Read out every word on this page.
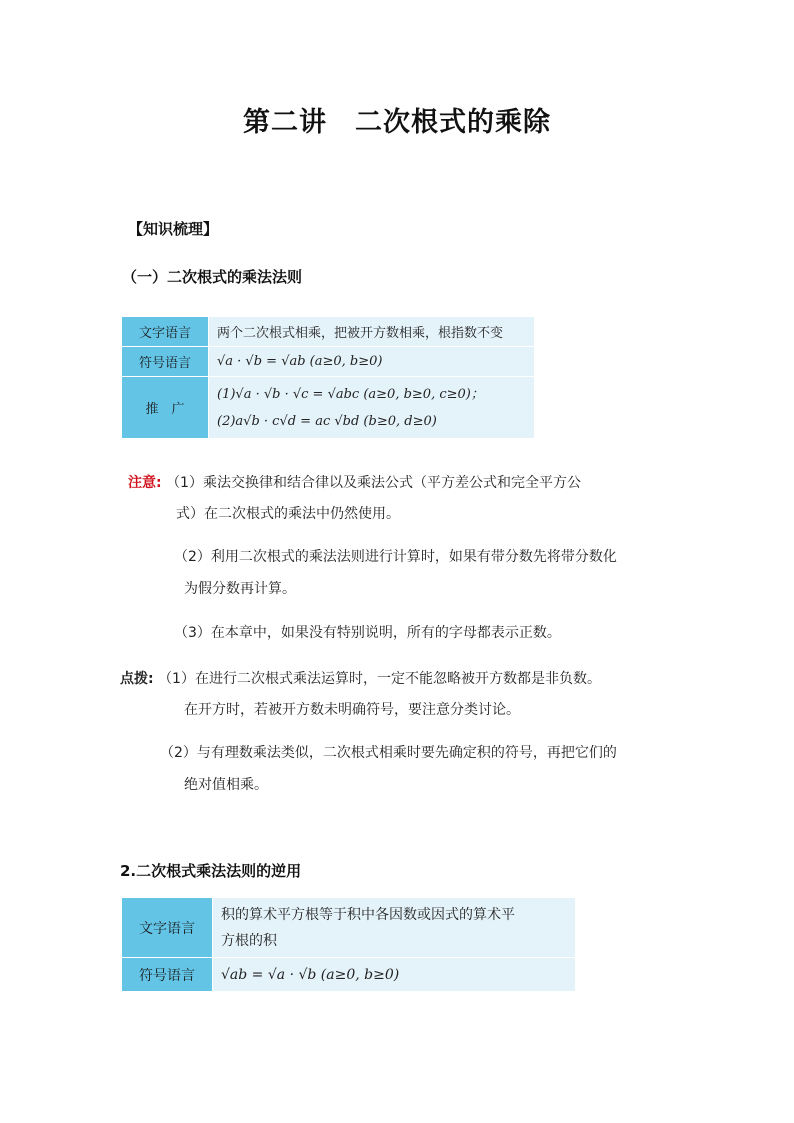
第二讲　二次根式的乘除
【知识梳理】
（一）二次根式的乘法法则
文字语言	两个二次根式相乘，把被开方数相乘，根指数不变
符号语言	√a · √b = √ab (a≥0, b≥0)
推　广	(1)√a · √b · √c = √abc (a≥0, b≥0, c≥0)；
(2)a√b · c√d = ac √bd (b≥0, d≥0)
注意: （1）乘法交换律和结合律以及乘法公式（平方差公式和完全平方公
式）在二次根式的乘法中仍然使用。
（2）利用二次根式的乘法法则进行计算时，如果有带分数先将带分数化
为假分数再计算。
（3）在本章中，如果没有特别说明，所有的字母都表示正数。
点拨: （1）在进行二次根式乘法运算时，一定不能忽略被开方数都是非负数。
在开方时，若被开方数未明确符号，要注意分类讨论。
（2）与有理数乘法类似，二次根式相乘时要先确定积的符号，再把它们的
绝对值相乘。
2.二次根式乘法法则的逆用
文字语言	积的算术平方根等于积中各因数或因式的算术平
方根的积

符号语言	√ab = √a · √b (a≥0, b≥0)
